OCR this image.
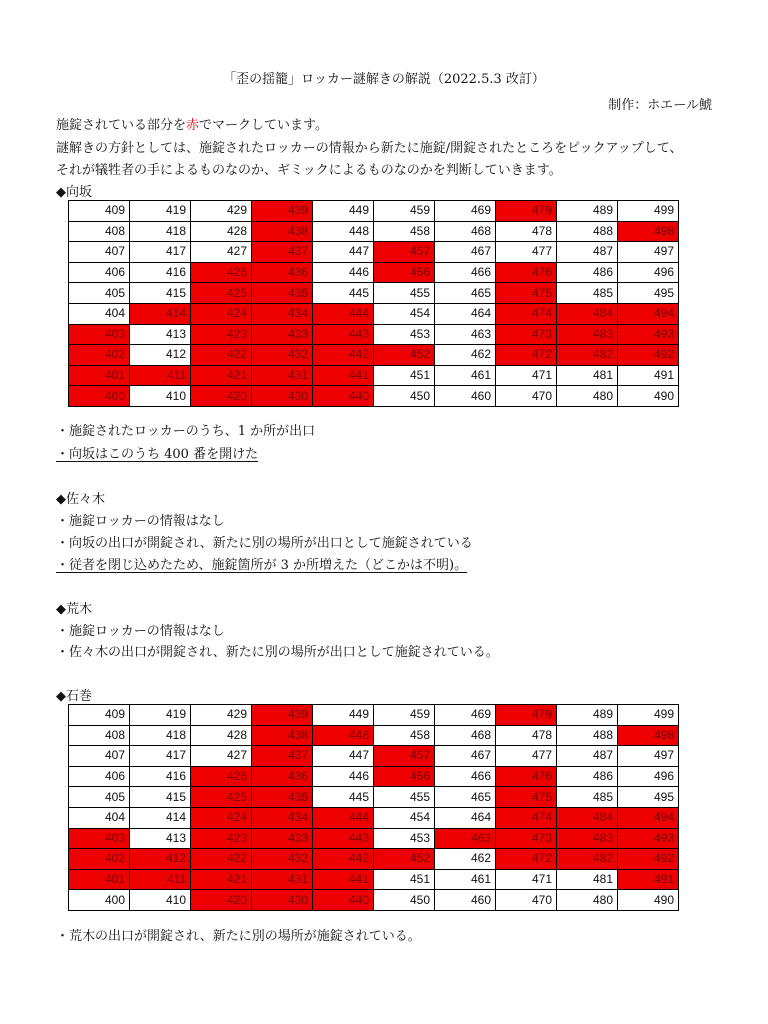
「歪の揺籠」ロッカー謎解きの解説（2022.5.3 改訂）
制作：ホエール鯱
施錠されている部分を赤でマークしています。
謎解きの方針としては、施錠されたロッカーの情報から新たに施錠/開錠されたところをピックアップして、
それが犠牲者の手によるものなのか、ギミックによるものなのかを判断していきます。
◆向坂
409	419	429	439	449	459	469	479	489	499
408	418	428	438	448	458	468	478	488	498
407	417	427	437	447	457	467	477	487	497
406	416	426	436	446	456	466	476	486	496
405	415	425	435	445	455	465	475	485	495
404	414	424	434	444	454	464	474	484	494
403	413	423	433	443	453	463	473	483	493
402	412	422	432	442	452	462	472	482	492
401	411	421	431	441	451	461	471	481	491
400	410	420	430	440	450	460	470	480	490
・施錠されたロッカーのうち、1 か所が出口
・向坂はこのうち 400 番を開けた
◆佐々木
・施錠ロッカーの情報はなし
・向坂の出口が開錠され、新たに別の場所が出口として施錠されている
・従者を閉じ込めたため、施錠箇所が 3 か所増えた（どこかは不明)。
◆荒木
・施錠ロッカーの情報はなし
・佐々木の出口が開錠され、新たに別の場所が出口として施錠されている。
◆石巻
409	419	429	439	449	459	469	479	489	499
408	418	428	438	448	458	468	478	488	498
407	417	427	437	447	457	467	477	487	497
406	416	426	436	446	456	466	476	486	496
405	415	425	435	445	455	465	475	485	495
404	414	424	434	444	454	464	474	484	494
403	413	423	433	443	453	463	473	483	493
402	412	422	432	442	452	462	472	482	492
401	411	421	431	441	451	461	471	481	491
400	410	420	430	440	450	460	470	480	490
・荒木の出口が開錠され、新たに別の場所が施錠されている。
